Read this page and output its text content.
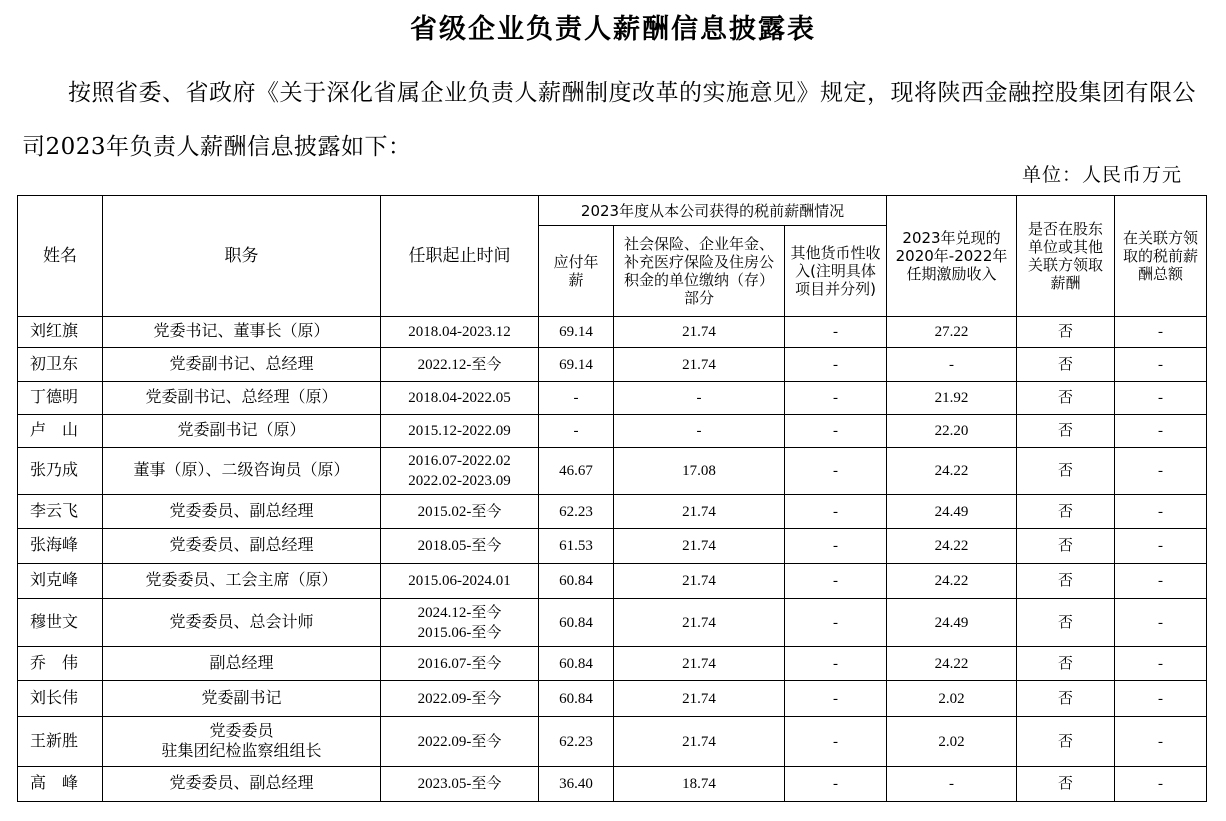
省级企业负责人薪酬信息披露表
按照省委、省政府《关于深化省属企业负责人薪酬制度改革的实施意见》规定，现将陕西金融控股集团有限公司2023年负责人薪酬信息披露如下：
单位：人民币万元
姓名	职务	任职起止时间	2023年度从本公司获得的税前薪酬情况			2023年兑现的2020年-2022年任期激励收入	是否在股东单位或其他关联方领取薪酬	在关联方领取的税前薪酬总额
			应付年薪	社会保险、企业年金、补充医疗保险及住房公积金的单位缴纳（存）部分	其他货币性收入(注明具体项目并分列)			
刘红旗	党委书记、董事长（原）	2018.04-2023.12	69.14	21.74	-	27.22	否	-
初卫东	党委副书记、总经理	2022.12-至今	69.14	21.74	-	-	否	-
丁德明	党委副书记、总经理（原）	2018.04-2022.05	-	-	-	21.92	否	-
卢　山	党委副书记（原）	2015.12-2022.09	-	-	-	22.20	否	-
张乃成	董事（原）、二级咨询员（原）	2016.07-2022.02
2022.02-2023.09	46.67	17.08	-	24.22	否	-
李云飞	党委委员、副总经理	2015.02-至今	62.23	21.74	-	24.49	否	-
张海峰	党委委员、副总经理	2018.05-至今	61.53	21.74	-	24.22	否	-
刘克峰	党委委员、工会主席（原）	2015.06-2024.01	60.84	21.74	-	24.22	否	-
穆世文	党委委员、总会计师	2024.12-至今
2015.06-至今	60.84	21.74	-	24.49	否	-
乔　伟	副总经理	2016.07-至今	60.84	21.74	-	24.22	否	-
刘长伟	党委副书记	2022.09-至今	60.84	21.74	-	2.02	否	-
王新胜	党委委员
驻集团纪检监察组组长	2022.09-至今	62.23	21.74	-	2.02	否	-
高　峰	党委委员、副总经理	2023.05-至今	36.40	18.74	-	-	否	-
